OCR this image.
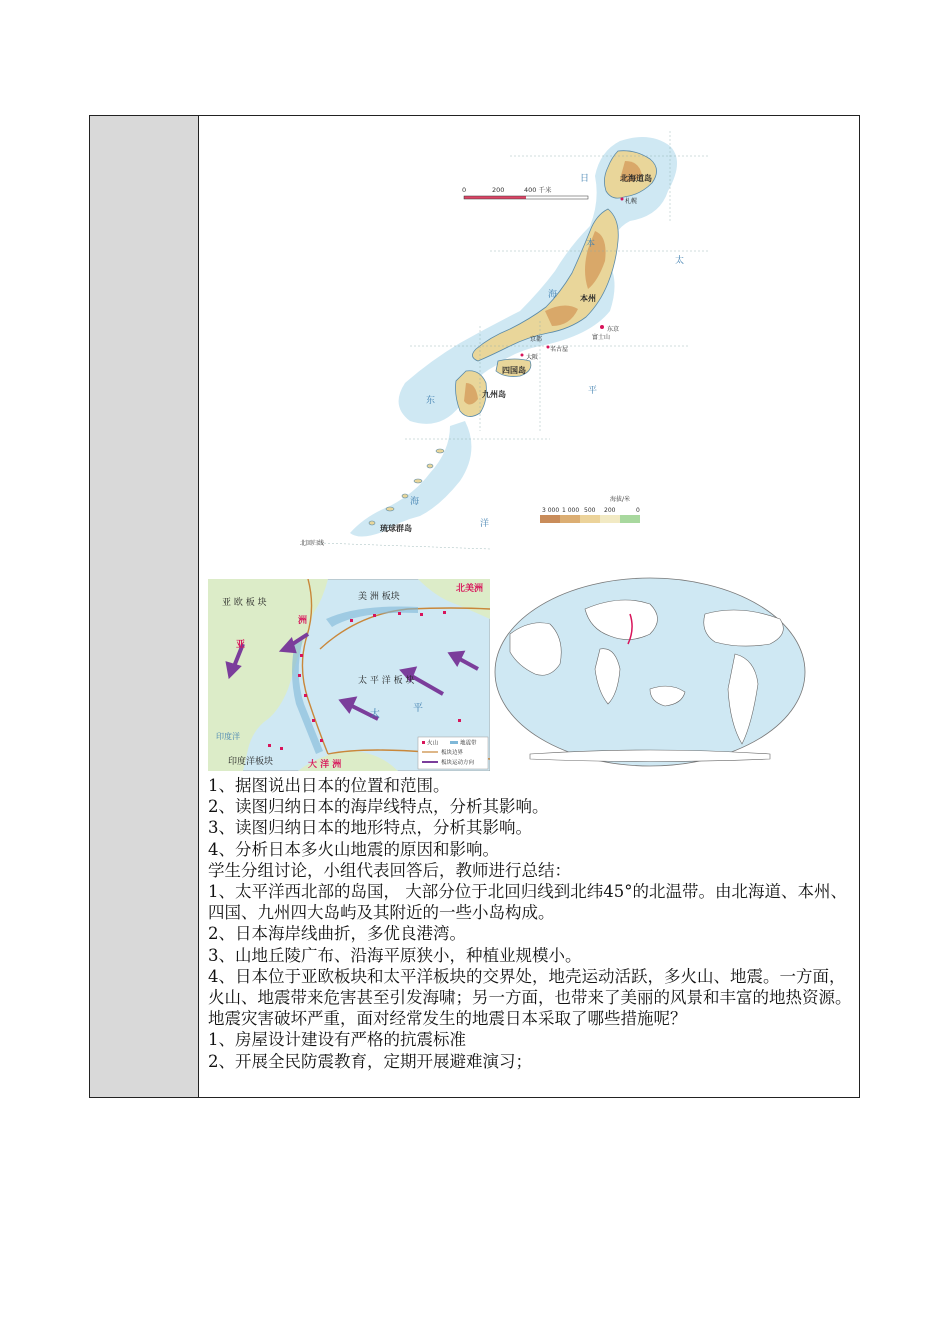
0	200	400 千米
日
本
海
太
平
洋
东
海
北海道岛
本州
四国岛
九州岛
琉球群岛
东京
札幌
大阪
名古屋
京都	富士山
北回归线
海拔/米
3 000 1 000 500 200	0
亚 欧 板 块
美 洲 板块
太 平 洋 板 块
印度洋板块
北美洲
亚
洲
大 洋 洲
太
平
印度洋
火山	地震带
板块边界
板块运动方向

1、据图说出日本的位置和范围。

2、读图归纳日本的海岸线特点，分析其影响。

3、读图归纳日本的地形特点，分析其影响。

4、分析日本多火山地震的原因和影响。

学生分组讨论，小组代表回答后，教师进行总结：

1、太平洋西北部的岛国， 大部分位于北回归线到北纬45°的北温带。由北海道、本州、四国、九州四大岛屿及其附近的一些小岛构成。

2、日本海岸线曲折，多优良港湾。

3、山地丘陵广布、沿海平原狭小，种植业规模小。

4、日本位于亚欧板块和太平洋板块的交界处，地壳运动活跃，多火山、地震。一方面，火山、地震带来危害甚至引发海啸；另一方面，也带来了美丽的风景和丰富的地热资源。

地震灾害破坏严重，面对经常发生的地震日本采取了哪些措施呢？

1、房屋设计建设有严格的抗震标准

2、开展全民防震教育，定期开展避难演习；
